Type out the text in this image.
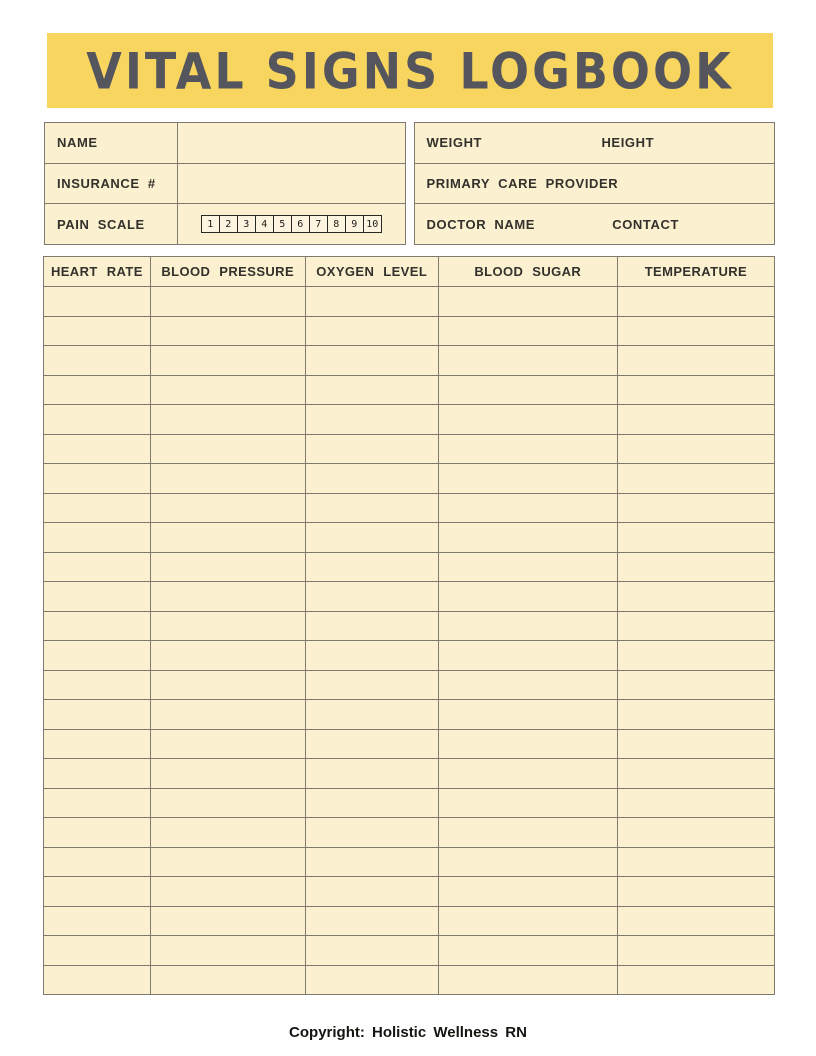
VITAL SIGNS LOGBOOK
NAME
INSURANCE #
PAIN SCALE	1	2	3	4	5	6	7	8	9 10
WEIGHT	HEIGHT
PRIMARY CARE PROVIDER
DOCTOR NAME	CONTACT
HEART RATE	BLOOD PRESSURE	OXYGEN LEVEL	BLOOD SUGAR	TEMPERATURE

Copyright: Holistic Wellness RN
